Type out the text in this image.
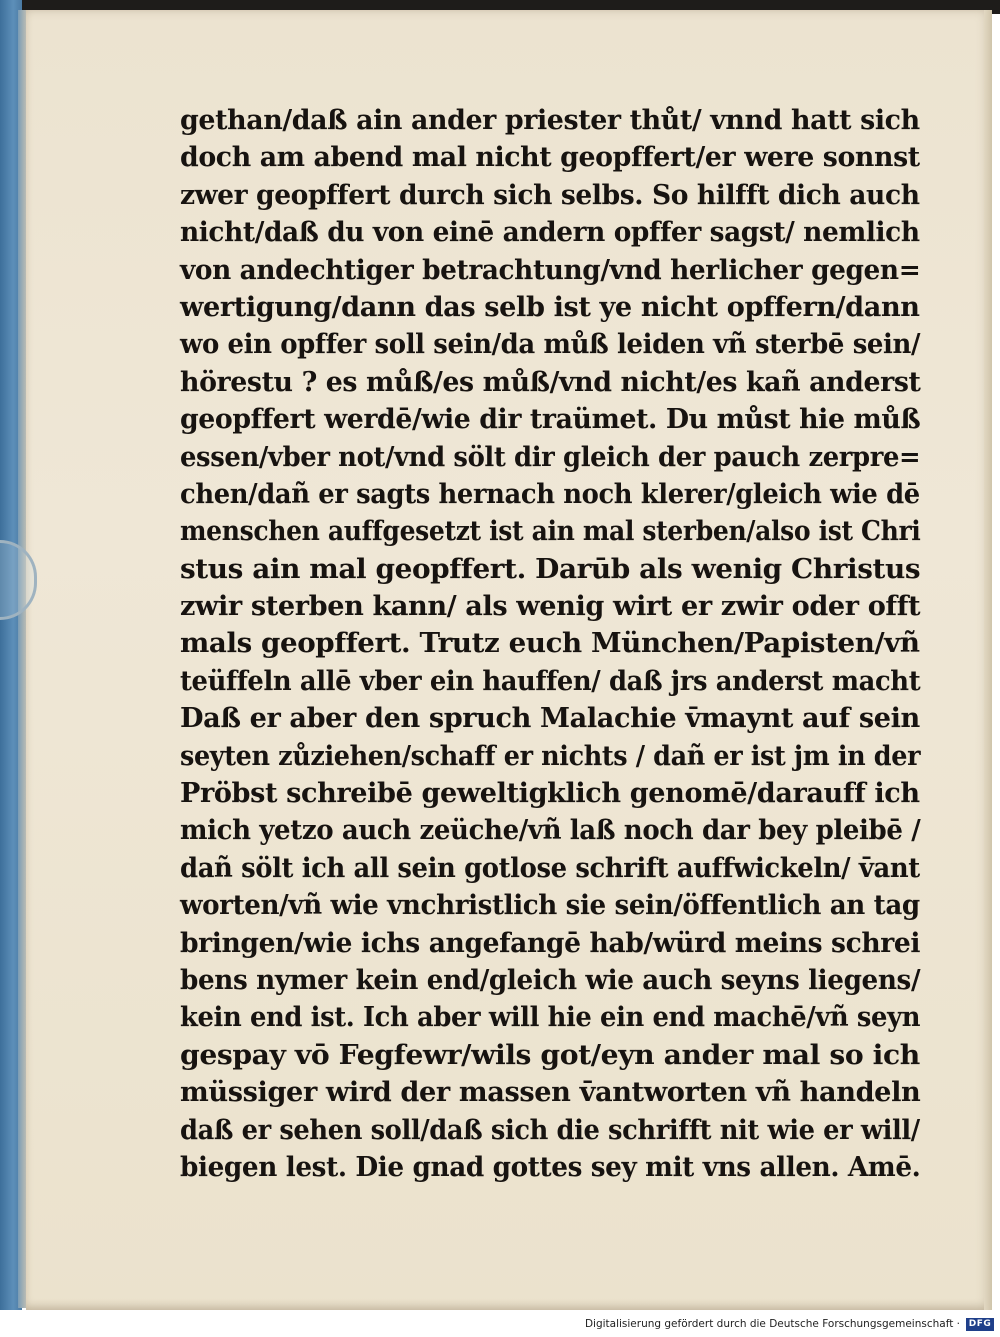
gethan/daß ain ander priester thůt/ vnnd hatt sich
doch am abend mal nicht geopffert/er were sonnst
zwer geopffert durch sich selbs. So hilfft dich auch
nicht/daß du von einē andern opffer sagst/ nemlich
von andechtiger betrachtung/vnd herlicher gegen=
wertigung/dann das selb ist ye nicht opffern/dann
wo ein opffer soll sein/da můß leiden vñ sterbē sein/
hörestu ? es můß/es můß/vnd nicht/es kañ anderst
geopffert werdē/wie dir traümet. Du můst hie můß
essen/vber not/vnd sölt dir gleich der pauch zerpre=
chen/dañ er sagts hernach noch klerer/gleich wie dē
menschen auffgesetzt ist ain mal sterben/also ist Chri
stus ain mal geopffert. Darūb als wenig Christus
zwir sterben kann/ als wenig wirt er zwir oder offt
mals geopffert. Trutz euch München/Papisten/vñ
teüffeln allē vber ein hauffen/ daß jrs anderst macht
Daß er aber den spruch Malachie v̄maynt auf sein
seyten zůziehen/schaff er nichts / dañ er ist jm in der
Pröbst schreibē geweltigklich genomē/darauff ich
mich yetzo auch zeüche/vñ laß noch dar bey pleibē /
dañ sölt ich all sein gotlose schrift auffwickeln/ v̄ant
worten/vñ wie vnchristlich sie sein/öffentlich an tag
bringen/wie ichs angefangē hab/würd meins schrei
bens nymer kein end/gleich wie auch seyns liegens/
kein end ist. Ich aber will hie ein end machē/vñ seyn
gespay vō Fegfewr/wils got/eyn ander mal so ich
müssiger wird der massen v̄antworten vñ handeln
daß er sehen soll/daß sich die schrifft nit wie er will/
biegen lest. Die gnad gottes sey mit vns allen. Amē.
Digitalisierung gefördert durch die Deutsche Forschungsgemeinschaft · DFG
